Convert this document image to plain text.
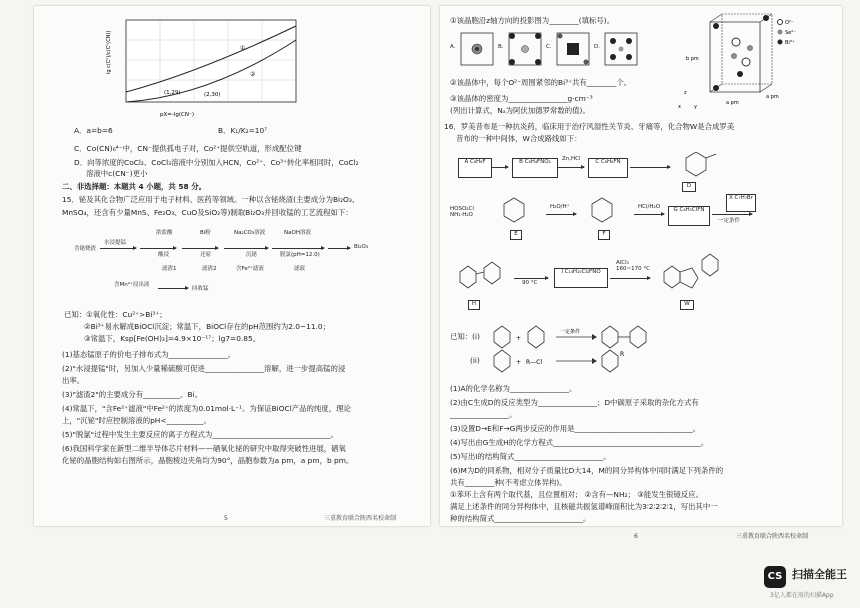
①
②
(1,29)	(2,30)
lg c(Cᵒ)/c(Cᵒ(CN))
pX=-lg(CN⁻)
A．a=b=6	B．K₁/K₂=10⁷
C．Co(CN)₆⁴⁻中，CN⁻提供孤电子对，Co²⁺提供空轨道，形成配位键
D．向等浓度的CoCl₂、CoCl₃溶液中分别加入HCN，Co²⁺、Co³⁺转化率相同时，CoCl₂
溶液中c(CN⁻)更小
二、非选择题：本题共 4 小题，共 58 分。
15．铋及其化合物广泛应用于电子材料、医药等领域。一种以含铋烧渣(主要成分为Bi₂O₃、
MnSO₄，还含有少量MnS、Fe₂O₃、CuO及SiO₂等)制取Bi₂O₃并回收锰的工艺流程如下：
含铋烧渣
水浸提锰
浓盐酸
酸浸
Bi粉
还原
Na₂CO₃溶液
沉铋
NaOH溶液
脱氯(pH=12.0)
Bi₂O₃
滤渣1	滤渣2	含Fe²⁺滤液	滤液
含Mn²⁺浸出液
回收锰
已知：①氧化性：Cu²⁺>Bi³⁺；
②Bi³⁺易水解成BiOCl沉淀；常温下，BiOCl存在的pH范围约为2.0~11.0；
③常温下，Ksp[Fe(OH)₂]=4.9×10⁻¹⁷；lg7=0.85。
(1)基态锰原子的价电子排布式为________________。
(2)"水浸提锰"时，另加入少量稀硫酸可促进________________溶解，进一步提高锰的浸
出率。
(3)"滤渣2"的主要成分有__________、Bi。
(4)常温下，"含Fe²⁺滤液"中Fe²⁺的浓度为0.01mol·L⁻¹。为保证BiOCl产品的纯度，理论
上，"沉铋"时应控制溶液的pH<__________。
(5)"脱氯"过程中发生主要反应的离子方程式为________________________________。
(6)我国科学家在新型二维半导体芯片材料——硒氧化铋的研究中取得突破性进展，硒氧
化铋的晶胞结构如右图所示，晶胞棱边夹角均为90°，晶胞参数为a pm，a pm，b pm。
5	三重教育联合陕西名校命制
①该晶胞沿z轴方向的投影图为________(填标号)。
A.	B.	C.	D.
O²⁻
Se²⁻
Bi³⁺
b pm
a pm
a pm
x	y
z
②该晶体中，每个O²⁻周围紧邻的Bi³⁺共有________个。
③该晶体的密度为________________g·cm⁻³
(列出计算式，Nₐ为阿伏加德罗常数的值)。
16．罗美昔布是一种抗炎药，临床用于治疗风湿性关节炎、牙痛等，化合物W是合成罗美
昔布的一种中间体，W合成路线如下：
A C₆H₆F	B C₆H₄FNO₂	Zn,HCl	C C₆H₆FN
D
HOSO₂Cl
NH₃·H₂O
E
H₂O/H⁺
F
HCl/H₂O	G C₆H₅ClFN
X C₇H₇Br
一定条件
H
90 °C
I C₁₄H₁₀Cl₂FNO
AlCl₃
160~170 °C
W
已知：(i)	+
一定条件
(ii)	+ R—Cl
R
(1)A的化学名称为________________。
(2)由C生成D的反应类型为________________；D中碳原子采取的杂化方式有
________________。
(3)设置D→E和F→G两步反应的作用是________________________________。
(4)写出由G生成H的化学方程式________________________________________。
(5)写出I的结构简式________________________。
(6)M为D的同系物，相对分子质量比D大14，M的同分异构体中同时满足下列条件的
共有________种(不考虑立体异构)。
①苯环上含有两个取代基，且位置相对； ②含有—NH₂； ③能发生银镜反应。
满足上述条件的同分异构体中，且核磁共振氢谱峰面积比为3∶2∶2∶2∶1，写出其中一
种的结构简式________________________。
6	三重教育联合陕西名校命制
CS 扫描全能王
3亿人都在用的扫描App
